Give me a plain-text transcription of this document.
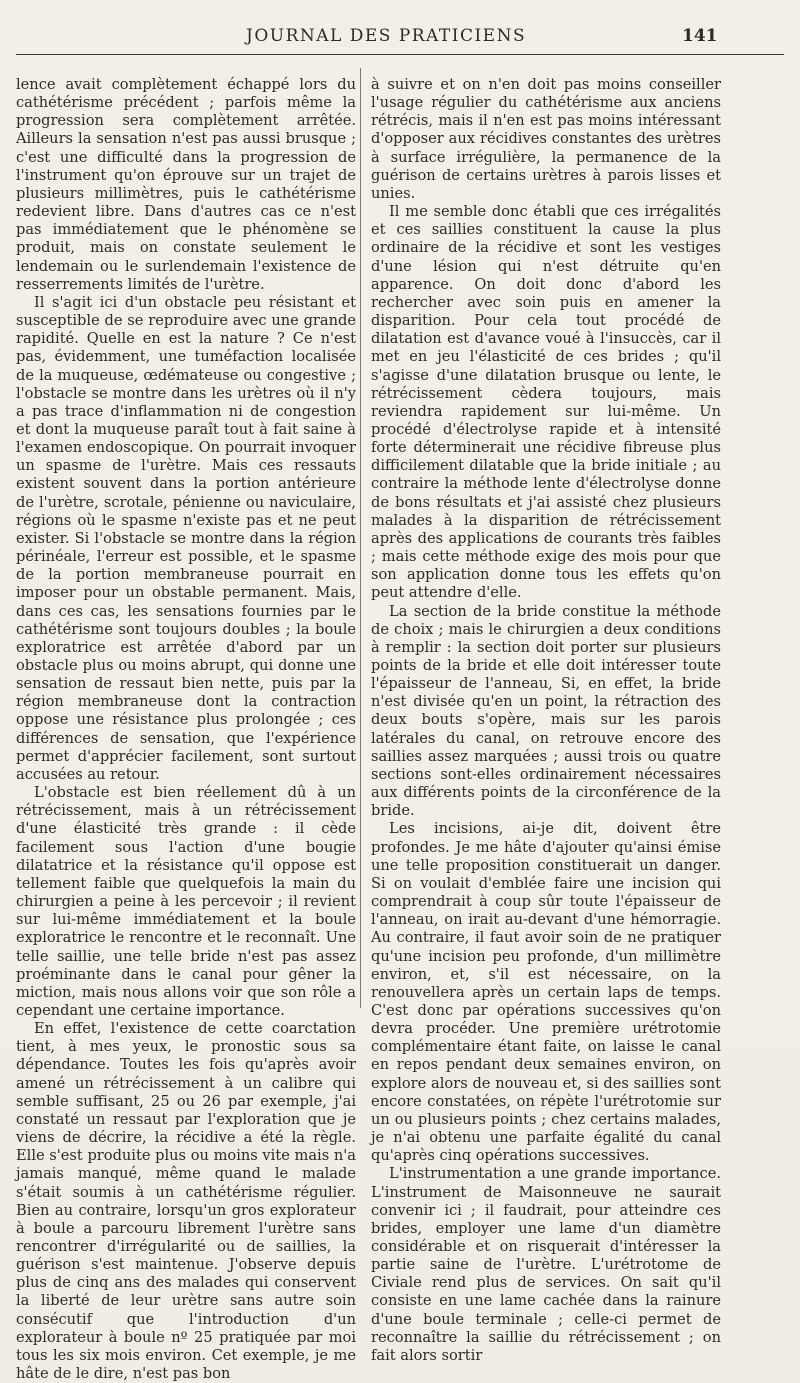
JOURNAL DES PRATICIENS	141

lence avait complètement échappé lors du cathétérisme précédent ; parfois même la progression sera complètement arrêtée. Ailleurs la sensation n'est pas aussi brusque ; c'est une difficulté dans la progression de l'instrument qu'on éprouve sur un trajet de plusieurs millimètres, puis le cathétérisme redevient libre. Dans d'autres cas ce n'est pas immédiatement que le phénomène se produit, mais on constate seulement le lendemain ou le surlendemain l'existence de resserrements limités de l'urètre.

Il s'agit ici d'un obstacle peu résistant et susceptible de se reproduire avec une grande rapidité. Quelle en est la nature ? Ce n'est pas, évidemment, une tuméfaction localisée de la muqueuse, œdémateuse ou congestive ; l'obstacle se montre dans les urètres où il n'y a pas trace d'inflammation ni de congestion et dont la muqueuse paraît tout à fait saine à l'examen endoscopique. On pourrait invoquer un spasme de l'urètre. Mais ces ressauts existent souvent dans la portion antérieure de l'urètre, scrotale, pénienne ou naviculaire, régions où le spasme n'existe pas et ne peut exister. Si l'obstacle se montre dans la région périnéale, l'erreur est possible, et le spasme de la portion membraneuse pourrait en imposer pour un obstable permanent. Mais, dans ces cas, les sensations fournies par le cathétérisme sont toujours doubles ; la boule exploratrice est arrêtée d'abord par un obstacle plus ou moins abrupt, qui donne une sensation de ressaut bien nette, puis par la région membraneuse dont la contraction oppose une résistance plus prolongée ; ces différences de sensation, que l'expérience permet d'apprécier facilement, sont surtout accusées au retour.

L'obstacle est bien réellement dû à un rétrécissement, mais à un rétrécissement d'une élasticité très grande : il cède facilement sous l'action d'une bougie dilatatrice et la résistance qu'il oppose est tellement faible que quelquefois la main du chirurgien a peine à les percevoir ; il revient sur lui-même immédiatement et la boule exploratrice le rencontre et le reconnaît. Une telle saillie, une telle bride n'est pas assez proéminante dans le canal pour gêner la miction, mais nous allons voir que son rôle a cependant une certaine importance.

En effet, l'existence de cette coarctation tient, à mes yeux, le pronostic sous sa dépendance. Toutes les fois qu'après avoir amené un rétrécissement à un calibre qui semble suffisant, 25 ou 26 par exemple, j'ai constaté un ressaut par l'exploration que je viens de décrire, la récidive a été la règle. Elle s'est produite plus ou moins vite mais n'a jamais manqué, même quand le malade s'était soumis à un cathétérisme régulier. Bien au contraire, lorsqu'un gros explorateur à boule a parcouru librement l'urètre sans rencontrer d'irrégularité ou de saillies, la guérison s'est maintenue. J'observe depuis plus de cinq ans des malades qui conservent la liberté de leur urètre sans autre soin consécutif que l'introduction d'un explorateur à boule nº 25 pratiquée par moi tous les six mois environ. Cet exemple, je me hâte de le dire, n'est pas bon

à suivre et on n'en doit pas moins conseiller l'usage régulier du cathétérisme aux anciens rétrécis, mais il n'en est pas moins intéressant d'opposer aux récidives constantes des urètres à surface irrégulière, la permanence de la guérison de certains urètres à parois lisses et unies.

Il me semble donc établi que ces irrégalités et ces saillies constituent la cause la plus ordinaire de la récidive et sont les vestiges d'une lésion qui n'est détruite qu'en apparence. On doit donc d'abord les rechercher avec soin puis en amener la disparition. Pour cela tout procédé de dilatation est d'avance voué à l'insuccès, car il met en jeu l'élasticité de ces brides ; qu'il s'agisse d'une dilatation brusque ou lente, le rétrécissement cèdera toujours, mais reviendra rapidement sur lui-même. Un procédé d'électrolyse rapide et à intensité forte déterminerait une récidive fibreuse plus difficilement dilatable que la bride initiale ; au contraire la méthode lente d'électrolyse donne de bons résultats et j'ai assisté chez plusieurs malades à la disparition de rétrécissement après des applications de courants très faibles ; mais cette méthode exige des mois pour que son application donne tous les effets qu'on peut attendre d'elle.

La section de la bride constitue la méthode de choix ; mais le chirurgien a deux conditions à remplir : la section doit porter sur plusieurs points de la bride et elle doit intéresser toute l'épaisseur de l'anneau, Si, en effet, la bride n'est divisée qu'en un point, la rétraction des deux bouts s'opère, mais sur les parois latérales du canal, on retrouve encore des saillies assez marquées ; aussi trois ou quatre sections sont-elles ordinairement nécessaires aux différents points de la circonférence de la bride.

Les incisions, ai-je dit, doivent être profondes. Je me hâte d'ajouter qu'ainsi émise une telle proposition constituerait un danger. Si on voulait d'emblée faire une incision qui comprendrait à coup sûr toute l'épaisseur de l'anneau, on irait au-devant d'une hémorragie. Au contraire, il faut avoir soin de ne pratiquer qu'une incision peu profonde, d'un millimètre environ, et, s'il est nécessaire, on la renouvellera après un certain laps de temps. C'est donc par opérations successives qu'on devra procéder. Une première urétrotomie complémentaire étant faite, on laisse le canal en repos pendant deux semaines environ, on explore alors de nouveau et, si des saillies sont encore constatées, on répète l'urétrotomie sur un ou plusieurs points ; chez certains malades, je n'ai obtenu une parfaite égalité du canal qu'après cinq opérations successives.

L'instrumentation a une grande importance. L'instrument de Maisonneuve ne saurait convenir ici ; il faudrait, pour atteindre ces brides, employer une lame d'un diamètre considérable et on risquerait d'intéresser la partie saine de l'urètre. L'urétrotome de Civiale rend plus de services. On sait qu'il consiste en une lame cachée dans la rainure d'une boule terminale ; celle-ci permet de reconnaître la saillie du rétrécissement ; on fait alors sortir
